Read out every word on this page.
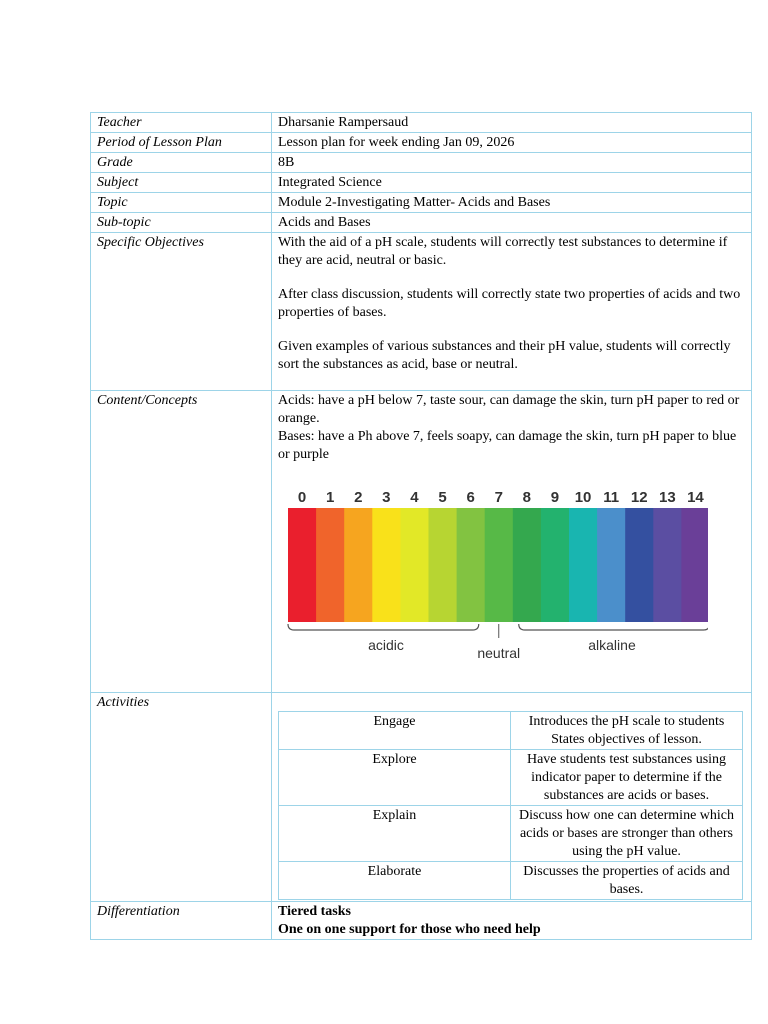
Teacher	Dharsanie Rampersaud
Period of Lesson Plan	Lesson plan for week ending Jan 09, 2026
Grade	8B
Subject	Integrated Science
Topic	Module 2-Investigating Matter- Acids and Bases
Sub-topic	Acids and Bases
Specific Objectives	With the aid of a pH scale, students will correctly test substances to determine if they are acid, neutral or basic.

After class discussion, students will correctly state two properties of acids and two properties of bases.

Given examples of various substances and their pH value, students will correctly sort the substances as acid, base or neutral.

Content/Concepts	Acids: have a pH below 7, taste sour, can damage the skin, turn pH paper to red or orange.

Bases: have a Ph above 7, feels soapy, can damage the skin, turn pH paper to blue or purple

0 1 2 3 4 5 6 7 8 9 10 11 12 13 14
acidic	neutral	alkaline

Activities	
Engage	Introduces the pH scale to students States objectives of lesson.
Explore	Have students test substances using indicator paper to determine if the substances are acids or bases.
Explain	Discuss how one can determine which acids or bases are stronger than others using the pH value.
Elaborate	Discusses the properties of acids and bases.

Differentiation	Tiered tasks
One on one support for those who need help
